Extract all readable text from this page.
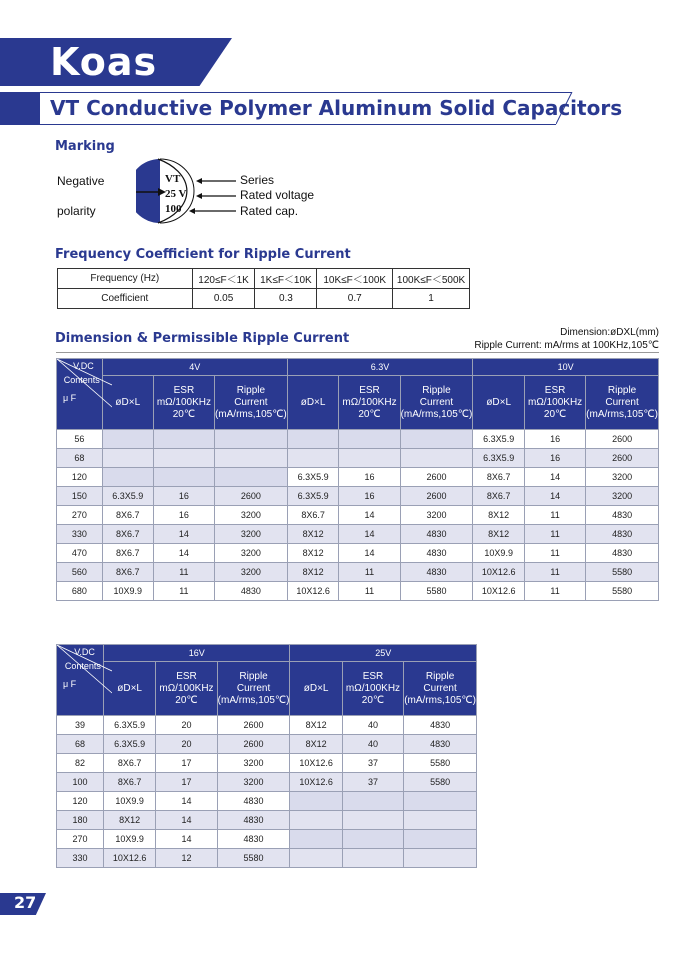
Koas
VT Conductive Polymer Aluminum Solid Capacitors
Marking
Negative
polarity
VT
25 V
100
Series
Rated voltage
Rated cap.
Frequency Coefficient for Ripple Current
Frequency (Hz)	120≤F＜1K	1K≤F＜10K	10K≤F＜100K	100K≤F＜500K
Coefficient	0.05	0.3	0.7	1
Dimension & Permissible Ripple Current	Dimension:øDXL(mm)
Ripple Current: mA/rms at 100KHz,105℃
V.DC
Contents
μ F	4V			6.3V			10V		
	øD×L	ESR
mΩ/100KHz
20℃	Ripple
Current
(mA/rms,105℃)	øD×L	ESR
mΩ/100KHz
20℃	Ripple
Current
(mA/rms,105℃)	øD×L	ESR
mΩ/100KHz
20℃	Ripple
Current
(mA/rms,105℃)
56							6.3X5.9	16	2600
68							6.3X5.9	16	2600
120				6.3X5.9	16	2600	8X6.7	14	3200
150	6.3X5.9	16	2600	6.3X5.9	16	2600	8X6.7	14	3200
270	8X6.7	16	3200	8X6.7	14	3200	8X12	11	4830
330	8X6.7	14	3200	8X12	14	4830	8X12	11	4830
470	8X6.7	14	3200	8X12	14	4830	10X9.9	11	4830
560	8X6.7	11	3200	8X12	11	4830	10X12.6	11	5580
680	10X9.9	11	4830	10X12.6	11	5580	10X12.6	11	5580
V.DC
Contents
μ F	16V			25V		
	øD×L	ESR
mΩ/100KHz
20℃	Ripple
Current
(mA/rms,105℃)	øD×L	ESR
mΩ/100KHz
20℃	Ripple
Current
(mA/rms,105℃)
39	6.3X5.9	20	2600	8X12	40	4830
68	6.3X5.9	20	2600	8X12	40	4830
82	8X6.7	17	3200	10X12.6	37	5580
100	8X6.7	17	3200	10X12.6	37	5580
120	10X9.9	14	4830			
180	8X12	14	4830			
270	10X9.9	14	4830			
330	10X12.6	12	5580			
27
